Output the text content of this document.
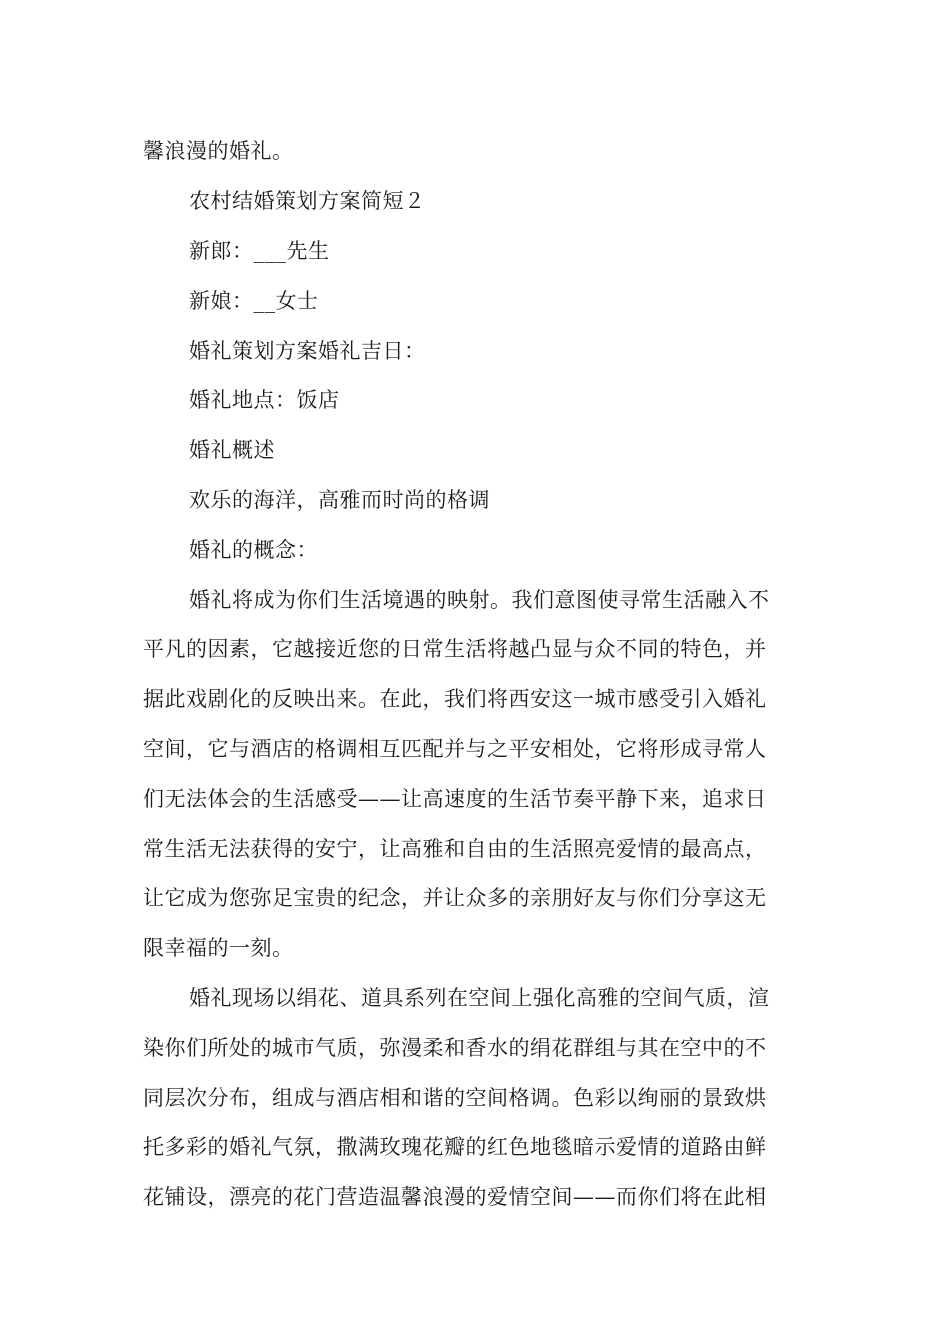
馨浪漫的婚礼。
农村结婚策划方案简短２
新郎：___先生
新娘：__女士
婚礼策划方案婚礼吉日：
婚礼地点：饭店
婚礼概述
欢乐的海洋，高雅而时尚的格调
婚礼的概念：
婚礼将成为你们生活境遇的映射。我们意图使寻常生活融入不
平凡的因素，它越接近您的日常生活将越凸显与众不同的特色，并
据此戏剧化的反映出来。在此，我们将西安这一城市感受引入婚礼
空间，它与酒店的格调相互匹配并与之平安相处，它将形成寻常人
们无法体会的生活感受——让高速度的生活节奏平静下来，追求日
常生活无法获得的安宁，让高雅和自由的生活照亮爱情的最高点，
让它成为您弥足宝贵的纪念，并让众多的亲朋好友与你们分享这无
限幸福的一刻。
婚礼现场以绢花、道具系列在空间上强化高雅的空间气质，渲
染你们所处的城市气质，弥漫柔和香水的绢花群组与其在空中的不
同层次分布，组成与酒店相和谐的空间格调。色彩以绚丽的景致烘
托多彩的婚礼气氛，撒满玫瑰花瓣的红色地毯暗示爱情的道路由鲜
花铺设，漂亮的花门营造温馨浪漫的爱情空间——而你们将在此相
